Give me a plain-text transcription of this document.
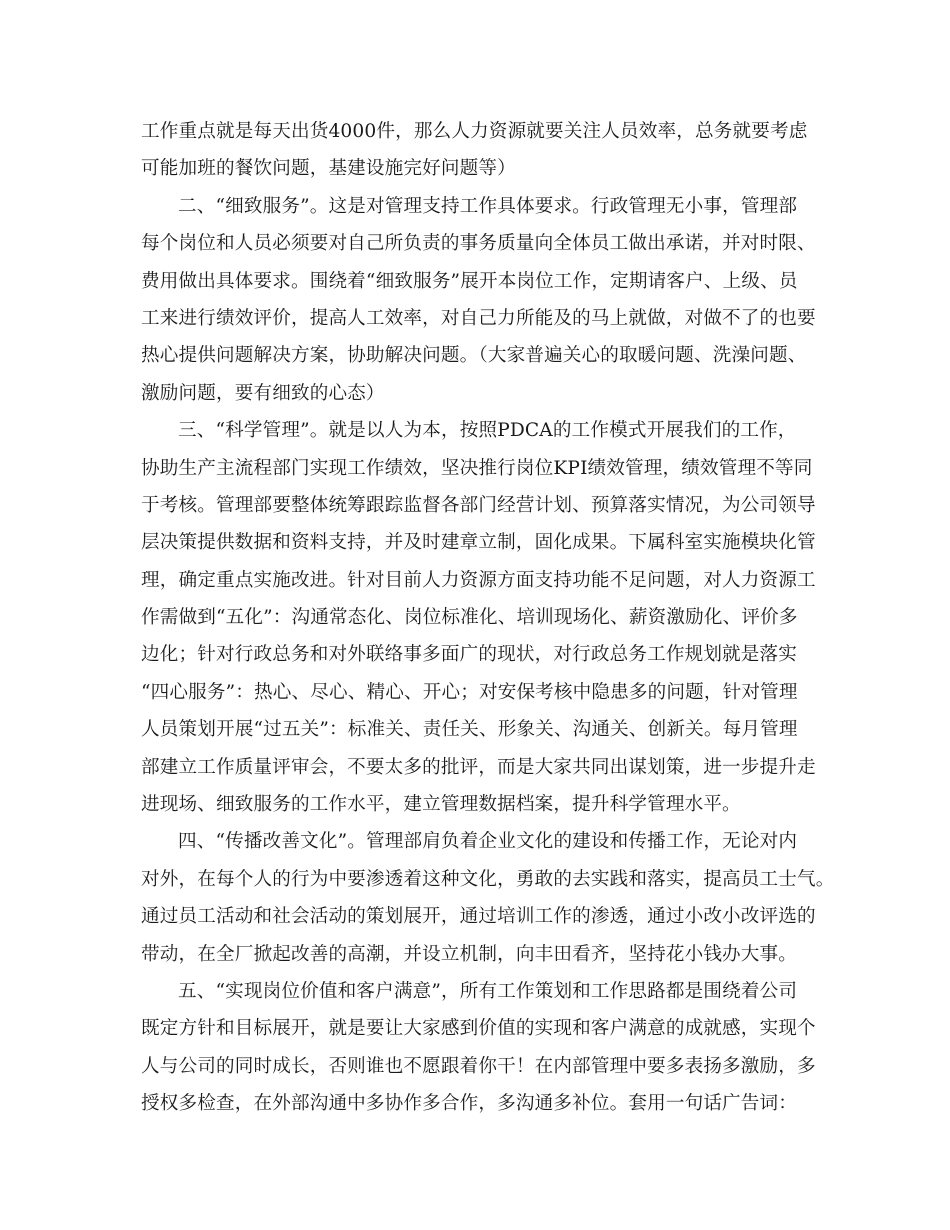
工作重点就是每天出货4000件，那么人力资源就要关注人员效率，总务就要考虑
可能加班的餐饮问题，基建设施完好问题等）
二、“细致服务”。这是对管理支持工作具体要求。行政管理无小事，管理部
每个岗位和人员必须要对自己所负责的事务质量向全体员工做出承诺，并对时限、
费用做出具体要求。围绕着“细致服务”展开本岗位工作，定期请客户、上级、员
工来进行绩效评价，提高人工效率，对自己力所能及的马上就做，对做不了的也要
热心提供问题解决方案，协助解决问题。（大家普遍关心的取暖问题、洗澡问题、
激励问题，要有细致的心态）
三、“科学管理”。就是以人为本，按照PDCA的工作模式开展我们的工作，
协助生产主流程部门实现工作绩效，坚决推行岗位KPI绩效管理，绩效管理不等同
于考核。管理部要整体统筹跟踪监督各部门经营计划、预算落实情况，为公司领导
层决策提供数据和资料支持，并及时建章立制，固化成果。下属科室实施模块化管
理，确定重点实施改进。针对目前人力资源方面支持功能不足问题，对人力资源工
作需做到“五化”：沟通常态化、岗位标准化、培训现场化、薪资激励化、评价多
边化；针对行政总务和对外联络事多面广的现状，对行政总务工作规划就是落实
“四心服务”：热心、尽心、精心、开心；对安保考核中隐患多的问题，针对管理
人员策划开展“过五关”：标准关、责任关、形象关、沟通关、创新关。每月管理
部建立工作质量评审会，不要太多的批评，而是大家共同出谋划策，进一步提升走
进现场、细致服务的工作水平，建立管理数据档案，提升科学管理水平。
四、“传播改善文化”。管理部肩负着企业文化的建设和传播工作，无论对内
对外，在每个人的行为中要渗透着这种文化，勇敢的去实践和落实，提高员工士气。
通过员工活动和社会活动的策划展开，通过培训工作的渗透，通过小改小改评选的
带动，在全厂掀起改善的高潮，并设立机制，向丰田看齐，坚持花小钱办大事。
五、“实现岗位价值和客户满意”，所有工作策划和工作思路都是围绕着公司
既定方针和目标展开，就是要让大家感到价值的实现和客户满意的成就感，实现个
人与公司的同时成长，否则谁也不愿跟着你干！在内部管理中要多表扬多激励，多
授权多检查，在外部沟通中多协作多合作，多沟通多补位。套用一句话广告词：
